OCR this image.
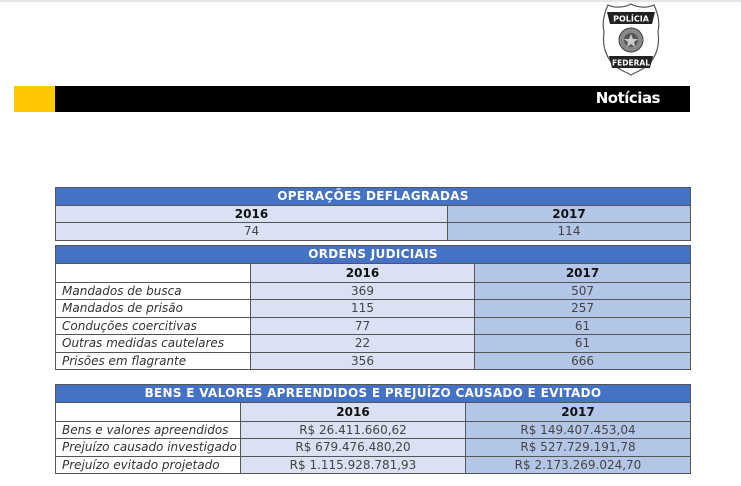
POLÍCIA
FEDERAL
Notícias
OPERAÇÕES DEFLAGRADAS	
2016	2017
74	114
ORDENS JUDICIAIS		
	2016	2017
Mandados de busca	369	507
Mandados de prisão	115	257
Conduções coercitivas	77	61
Outras medidas cautelares	22	61
Prisões em flagrante	356	666
BENS E VALORES APREENDIDOS E PREJUÍZO CAUSADO E EVITADO		
	2016	2017
Bens e valores apreendidos	R$ 26.411.660,62	R$ 149.407.453,04
Prejuízo causado investigado	R$ 679.476.480,20	R$ 527.729.191,78
Prejuízo evitado projetado	R$ 1.115.928.781,93	R$ 2.173.269.024,70
